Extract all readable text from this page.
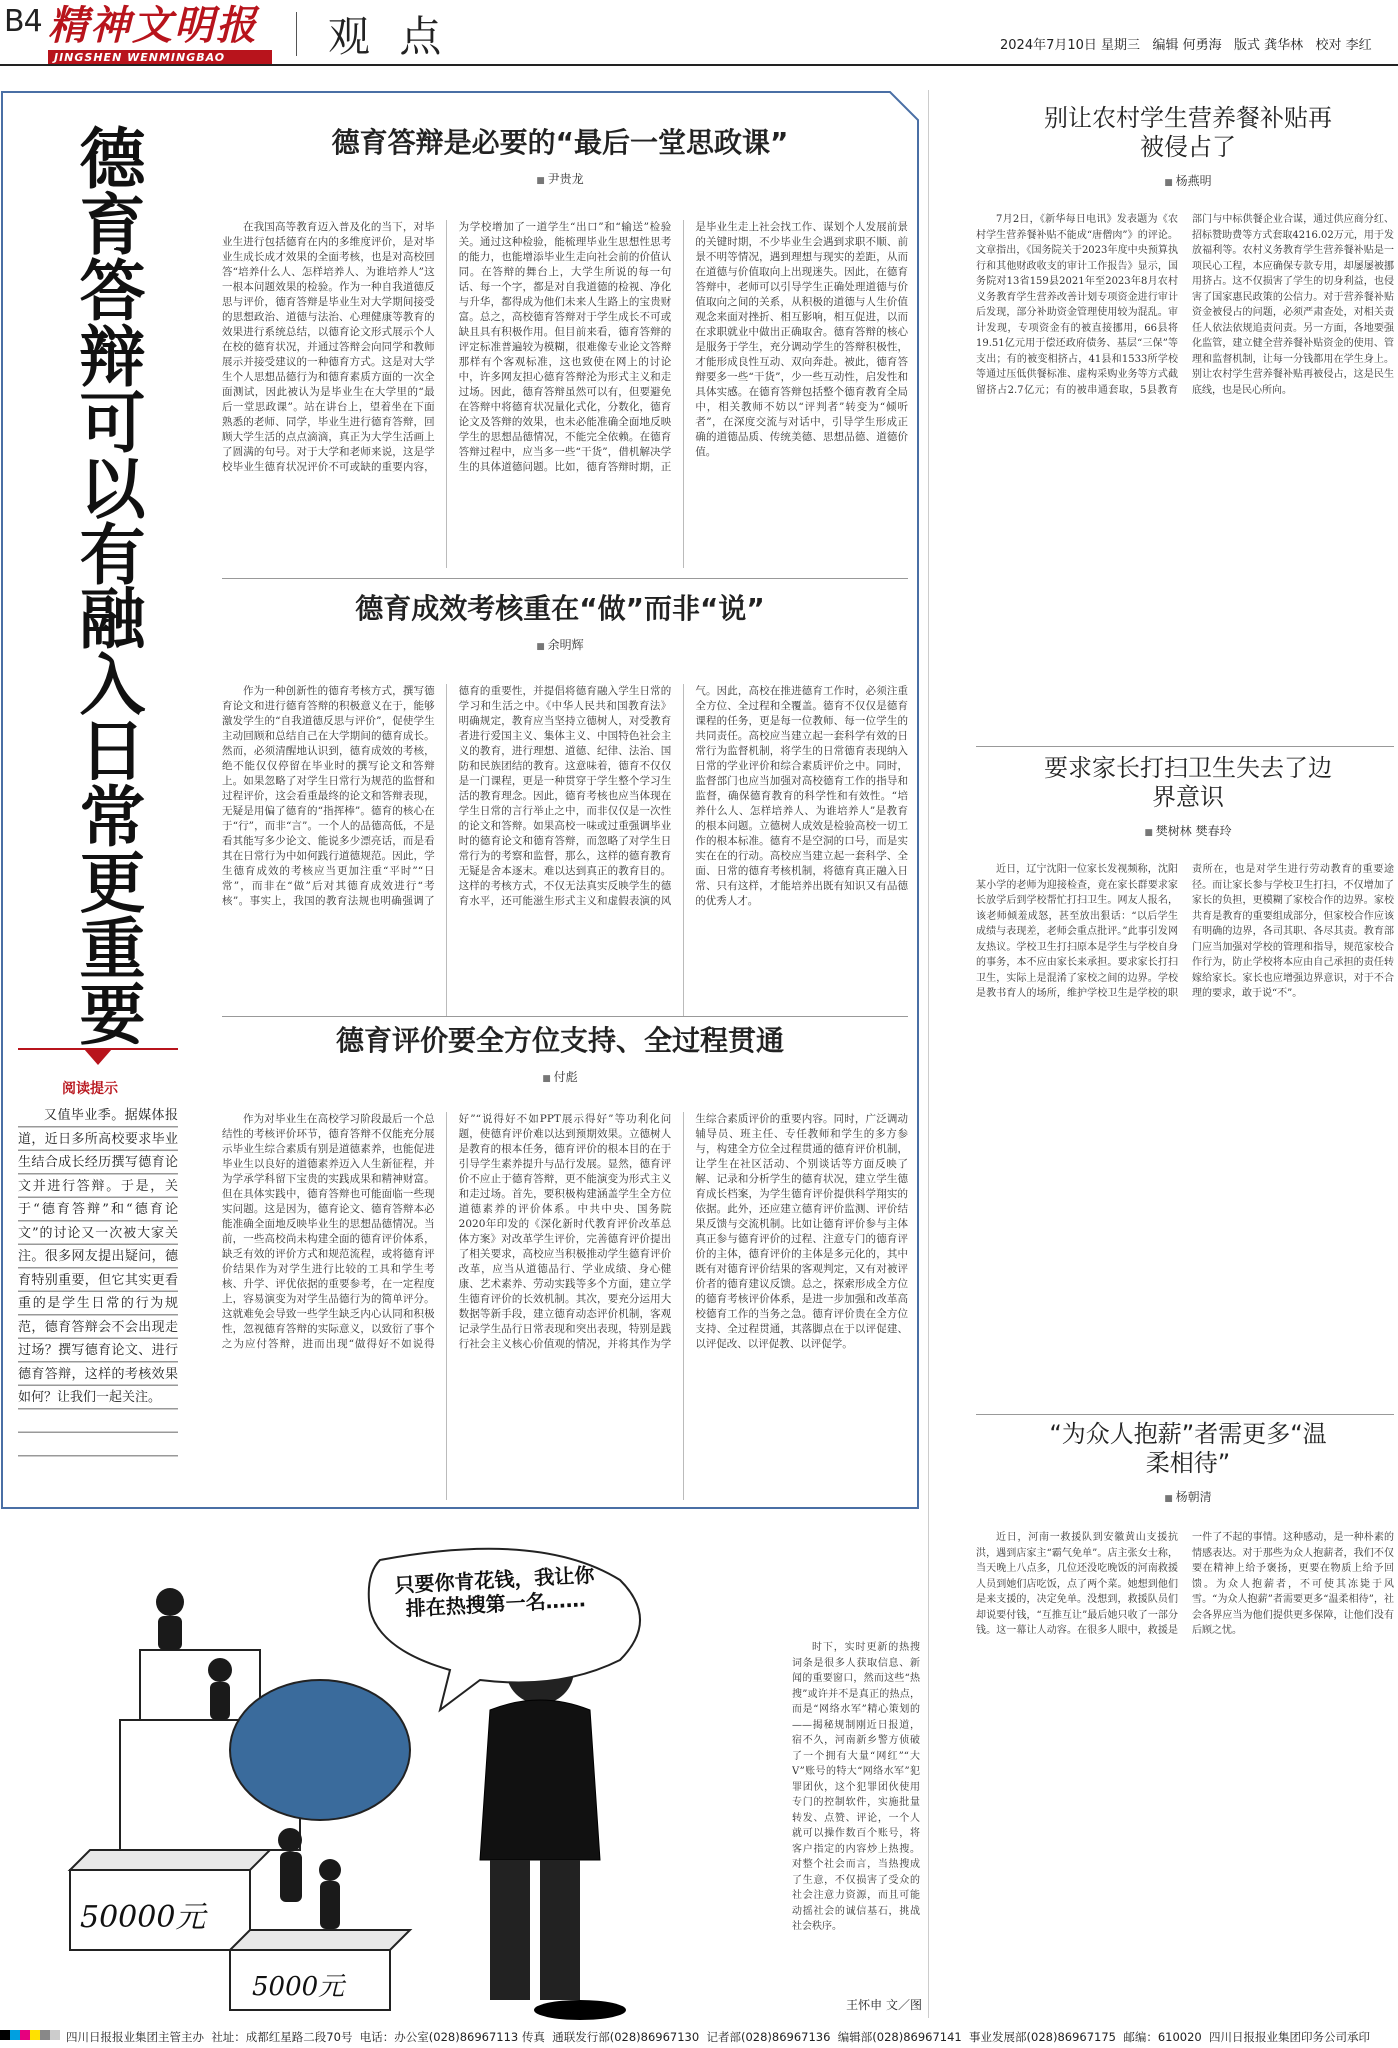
B4 精神文明报
JINGSHEN WENMINGBAO	观 点	2024年7月10日 星期三 编辑 何勇海 版式 龚华林 校对 李红
德育答辩可以有
融入日常更重要
阅读提示
又值毕业季。据媒体报道，近日多所高校要求毕业生结合成长经历撰写德育论文并进行答辩。于是，关于“德育答辩”和“德育论文”的讨论又一次被大家关注。很多网友提出疑问，德育特别重要，但它其实更看重的是学生日常的行为规范，德育答辩会不会出现走过场？撰写德育论文、进行德育答辩，这样的考核效果如何？让我们一起关注。
德育答辩是必要的“最后一堂思政课”
■ 尹贵龙

在我国高等教育迈入普及化的当下，对毕业生进行包括德育在内的多维度评价，是对毕业生成长成才效果的全面考核，也是对高校回答“培养什么人、怎样培养人、为谁培养人”这一根本问题效果的检验。作为一种自我道德反思与评价，德育答辩是毕业生对大学期间接受的思想政治、道德与法治、心理健康等教育的效果进行系统总结，以德育论文形式展示个人在校的德育状况，并通过答辩会向同学和教师展示并接受建议的一种德育方式。这是对大学生个人思想品德行为和德育素质方面的一次全面测试，因此被认为是毕业生在大学里的“最后一堂思政课”。站在讲台上，望着坐在下面熟悉的老师、同学，毕业生进行德育答辩，回顾大学生活的点点滴滴，真正为大学生活画上了圆满的句号。对于大学和老师来说，这是学校毕业生德育状况评价不可或缺的重要内容，为学校增加了一道学生“出口”和“输送”检验关。通过这种检验，能梳理毕业生思想性思考的能力，也能增添毕业生走向社会前的价值认同。在答辩的舞台上，大学生所说的每一句话、每一个字，都是对自我道德的检视、净化与升华，都得成为他们未来人生路上的宝贵财富。总之，高校德育答辩对于学生成长不可或缺且具有积极作用。但目前来看，德育答辩的评定标准普遍较为模糊，很难像专业论文答辩那样有个客观标准，这也致使在网上的讨论中，许多网友担心德育答辩沦为形式主义和走过场。因此，德育答辩虽然可以有，但要避免在答辩中将德育状况量化式化，分数化，德育论文及答辩的效果，也未必能准确全面地反映学生的思想品德情况，不能完全依赖。在德育答辩过程中，应当多一些“干货”，借机解决学生的具体道德问题。比如，德育答辩时期，正是毕业生走上社会找工作、谋划个人发展前景的关键时期，不少毕业生会遇到求职不顺、前景不明等情况，遇到理想与现实的差距，从而在道德与价值取向上出现迷失。因此，在德育答辩中，老师可以引导学生正确处理道德与价值取向之间的关系，从积极的道德与人生价值观念来面对挫折、相互影响，相互促进，以而在求职就业中做出正确取舍。德育答辩的核心是服务于学生，充分调动学生的答辩积极性，才能形成良性互动、双向奔赴。被此，德育答辩要多一些“干货”，少一些互动性，启发性和具体实感。在德育答辩包括整个德育教育全局中，相关教师不妨以“评判者”转变为“倾听者”，在深度交流与对话中，引导学生形成正确的道德品质、传统美德、思想品德、道德价值。

德育成效考核重在“做”而非“说”
■ 余明辉

作为一种创新性的德育考核方式，撰写德育论文和进行德育答辩的积极意义在于，能够激发学生的“自我道德反思与评价”，促使学生主动回顾和总结自己在大学期间的德育成长。然而，必须清醒地认识到，德育成效的考核，绝不能仅仅停留在毕业时的撰写论文和答辩上。如果忽略了对学生日常行为规范的监督和过程评价，这会看重最终的论文和答辩表现，无疑是用偏了德育的“指挥棒”。德育的核心在于“行”，而非“言”。一个人的品德高低，不是看其能写多少论文、能说多少漂亮话，而是看其在日常行为中如何践行道德规范。因此，学生德育成效的考核应当更加注重“平时”“日常”，而非在“做”后对其德育成效进行“考核”。事实上，我国的教育法规也明确强调了德育的重要性，并提倡将德育融入学生日常的学习和生活之中。《中华人民共和国教育法》明确规定，教育应当坚持立德树人，对受教育者进行爱国主义、集体主义、中国特色社会主义的教育，进行理想、道德、纪律、法治、国防和民族团结的教育。这意味着，德育不仅仅是一门课程，更是一种贯穿于学生整个学习生活的教育理念。因此，德育考核也应当体现在学生日常的言行举止之中，而非仅仅是一次性的论文和答辩。如果高校一味或过重强调毕业时的德育论文和德育答辩，而忽略了对学生日常行为的考察和监督，那么，这样的德育教育无疑是舍本逐末。难以达到真正的教育目的。这样的考核方式，不仅无法真实反映学生的德育水平，还可能滋生形式主义和虚假表演的风气。因此，高校在推进德育工作时，必须注重全方位、全过程和全覆盖。德育不仅仅是德育课程的任务，更是每一位教师、每一位学生的共同责任。高校应当建立起一套科学有效的日常行为监督机制，将学生的日常德育表现纳入日常的学业评价和综合素质评价之中。同时，监督部门也应当加强对高校德育工作的指导和监督，确保德育教育的科学性和有效性。“培养什么人、怎样培养人、为谁培养人”是教育的根本问题。立德树人成效是检验高校一切工作的根本标准。德育不是空洞的口号，而是实实在在的行动。高校应当建立起一套科学、全面、日常的德育考核机制，将德育真正融入日常、只有这样，才能培养出既有知识又有品德的优秀人才。

德育评价要全方位支持、全过程贯通
■ 付彪

作为对毕业生在高校学习阶段最后一个总结性的考核评价环节，德育答辩不仅能充分展示毕业生综合素质有别是道德素养，也能促进毕业生以良好的道德素养迈入人生新征程，并为学承学科留下宝贵的实践成果和精神财富。但在具体实践中，德育答辩也可能面临一些现实问题。这是因为，德育论文、德育答辩本必能准确全面地反映毕业生的思想品德情况。当前，一些高校尚未构建全面的德育评价体系，缺乏有效的评价方式和规范流程，或将德育评价结果作为对学生进行比较的工具和学生考核、升学、评优依据的重要参考，在一定程度上，容易演变为对学生品德行为的简单评分。这就难免会导致一些学生缺乏内心认同和积极性，忽视德育答辩的实际意义，以致衍了事个之为应付答辩，进而出现“做得好不如说得好”“说得好不如PPT展示得好”等功利化问题，使德育评价难以达到预期效果。立德树人是教育的根本任务，德育评价的根本目的在于引导学生素养提升与品行发展。显然，德育评价不应止于德育答辩，更不能演变为形式主义和走过场。首先，要积极构建涵盖学生全方位道德素养的评价体系。中共中央、国务院2020年印发的《深化新时代教育评价改革总体方案》对改革学生评价，完善德育评价提出了相关要求，高校应当积极推动学生德育评价改革，应当从道德品行、学业成绩、身心健康、艺术素养、劳动实践等多个方面，建立学生德育评价的长效机制。其次，要充分运用大数据等新手段，建立德育动态评价机制，客观记录学生品行日常表现和突出表现，特别是践行社会主义核心价值观的情况，并将其作为学生综合素质评价的重要内容。同时，广泛调动辅导员、班主任、专任教师和学生的多方参与，构建全方位全过程贯通的德育评价机制，让学生在社区活动、个别谈话等方面反映了解、记录和分析学生的德育状况，建立学生德育成长档案，为学生德育评价提供科学翔实的依据。此外，还应建立德育评价监测、评价结果反馈与交流机制。比如让德育评价参与主体真正参与德育评价的过程、注意专门的德育评价的主体，德育评价的主体是多元化的，其中既有对德育评价结果的客观判定，又有对被评价者的德育建议反馈。总之，探索形成全方位的德育考核评价体系，是进一步加强和改革高校德育工作的当务之急。德育评价贵在全方位支持、全过程贯通，其落脚点在于以评促建、以评促改、以评促教、以评促学。

别让农村学生营养餐补贴再被侵占了
■ 杨燕明

7月2日，《新华每日电讯》发表题为《农村学生营养餐补贴不能成“唐僧肉”》的评论。文章指出，《国务院关于2023年度中央预算执行和其他财政收支的审计工作报告》显示，国务院对13省159县2021年至2023年8月农村义务教育学生营养改善计划专项资金进行审计后发现，部分补助资金管理使用较为混乱。审计发现，专项资金有的被直接挪用，66县将19.51亿元用于偿还政府债务、基层“三保”等支出；有的被变相挤占，41县和1533所学校等通过压低供餐标准、虚构采购业务等方式截留挤占2.7亿元；有的被串通套取，5县教育部门与中标供餐企业合谋，通过供应商分红、招标赞助费等方式套取4216.02万元，用于发放福利等。农村义务教育学生营养餐补贴是一项民心工程，本应确保专款专用，却屡屡被挪用挤占。这不仅损害了学生的切身利益，也侵害了国家惠民政策的公信力。对于营养餐补贴资金被侵占的问题，必须严肃查处，对相关责任人依法依规追责问责。另一方面，各地要强化监管，建立健全营养餐补贴资金的使用、管理和监督机制，让每一分钱都用在学生身上。别让农村学生营养餐补贴再被侵占，这是民生底线，也是民心所向。

要求家长打扫卫生失去了边界意识
■ 樊树林 樊春玲

近日，辽宁沈阳一位家长发视频称，沈阳某小学的老师为迎接检查，竟在家长群要求家长放学后到学校帮忙打扫卫生。网友人报名，该老师倾羞成怒，甚至放出狠话：“以后学生成绩与表现差，老师会重点批评。”此事引发网友热议。学校卫生打扫原本是学生与学校自身的事务，本不应由家长来承担。要求家长打扫卫生，实际上是混淆了家校之间的边界。学校是教书育人的场所，维护学校卫生是学校的职责所在，也是对学生进行劳动教育的重要途径。而让家长参与学校卫生打扫，不仅增加了家长的负担，更模糊了家校合作的边界。家校共育是教育的重要组成部分，但家校合作应该有明确的边界，各司其职、各尽其责。教育部门应当加强对学校的管理和指导，规范家校合作行为，防止学校将本应由自己承担的责任转嫁给家长。家长也应增强边界意识，对于不合理的要求，敢于说“不”。

“为众人抱薪”者需更多“温柔相待”
■ 杨朝清

近日，河南一救援队到安徽黄山支援抗洪，遇到店家主“霸气免单”。店主张女士称，当天晚上八点多，几位还没吃晚饭的河南救援人员到她们店吃饭，点了两个菜。她想到他们是来支援的，决定免单。没想到，救援队员们却说要付钱，“互推互让”最后她只收了一部分钱。这一幕让人动容。在很多人眼中，救援是一件了不起的事情。这种感动，是一种朴素的情感表达。对于那些为众人抱薪者，我们不仅要在精神上给予褒扬，更要在物质上给予回馈。为众人抱薪者，不可使其冻毙于风雪。“为众人抱薪”者需要更多“温柔相待”，社会各界应当为他们提供更多保障，让他们没有后顾之忧。

只要你肯花钱，我让你排在热搜第一名……
50000元
5000元

时下，实时更新的热搜词条是很多人获取信息、新闻的重要窗口，然而这些“热搜”或许并不是真正的热点，而是“网络水军”精心策划的——揭秘规制刚近日报道，宿不久，河南新乡警方侦破了一个拥有大量“网红”“大V”账号的特大“网络水军”犯罪团伙，这个犯罪团伙使用专门的控制软件，实施批量转发、点赞、评论，一个人就可以操作数百个账号，将客户指定的内容炒上热搜。对整个社会而言，当热搜成了生意，不仅损害了受众的社会注意力资源，而且可能动摇社会的诚信基石，挑战社会秩序。

王怀申 文／图
四川日报报业集团主管主办 社址：成都红星路二段70号 电话：办公室(028)86967113 传真 通联发行部(028)86967130 记者部(028)86967136 编辑部(028)86967141 事业发展部(028)86967175 邮编：610020 四川日报报业集团印务公司承印
